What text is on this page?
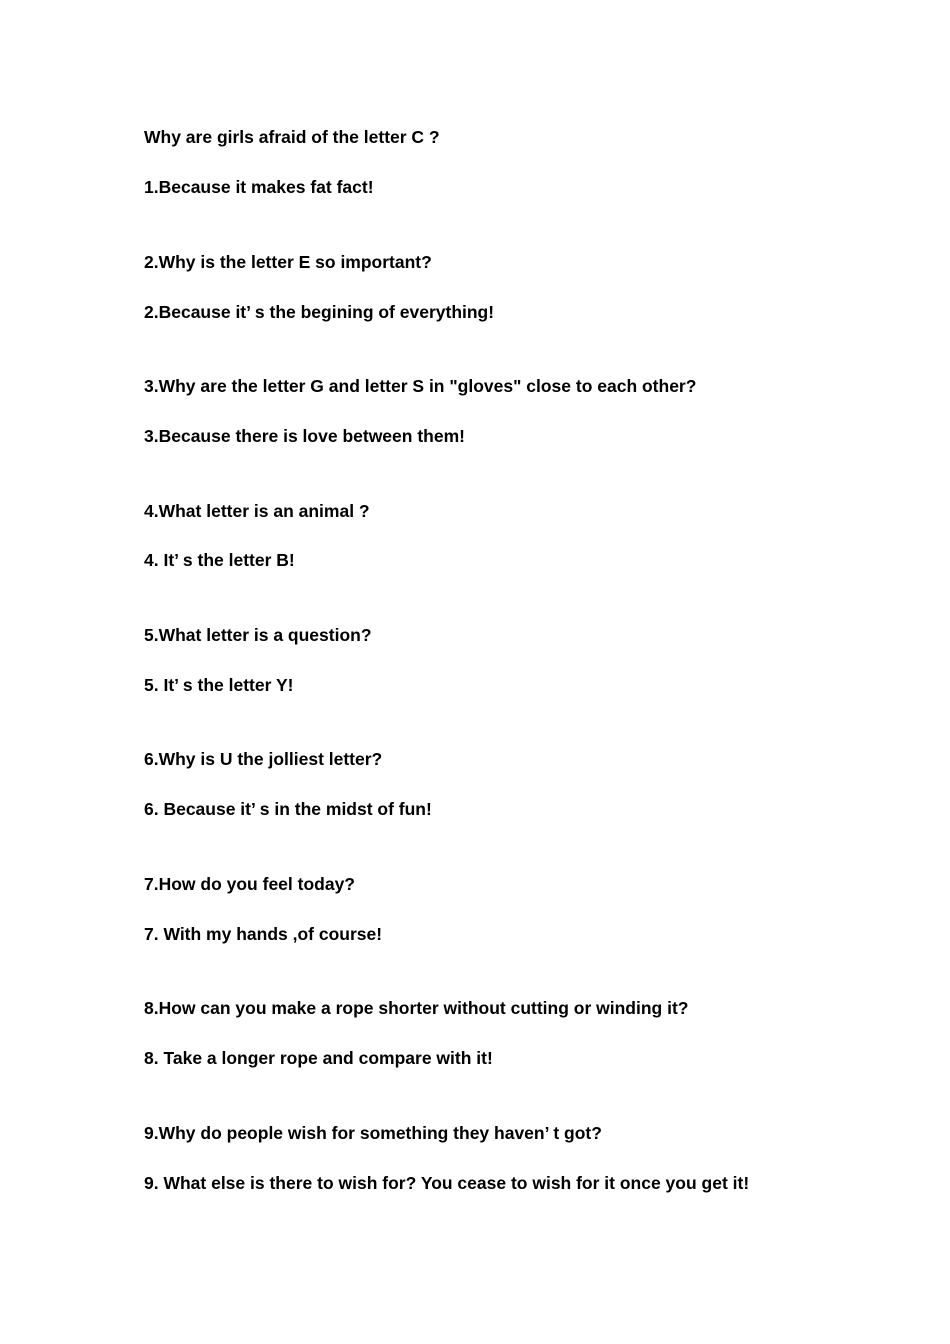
Why are girls afraid of the letter C ?
1.Because it makes fat fact!
2.Why is the letter E so important?
2.Because it’ s the begining of everything!
3.Why are the letter G and letter S in "gloves" close to each other?
3.Because there is love between them!
4.What letter is an animal ?
4. It’ s the letter B!
5.What letter is a question?
5. It’ s the letter Y!
6.Why is U the jolliest letter?
6. Because it’ s in the midst of fun!
7.How do you feel today?
7. With my hands ,of course!
8.How can you make a rope shorter without cutting or winding it?
8. Take a longer rope and compare with it!
9.Why do people wish for something they haven’ t got?
9. What else is there to wish for? You cease to wish for it once you get it!
